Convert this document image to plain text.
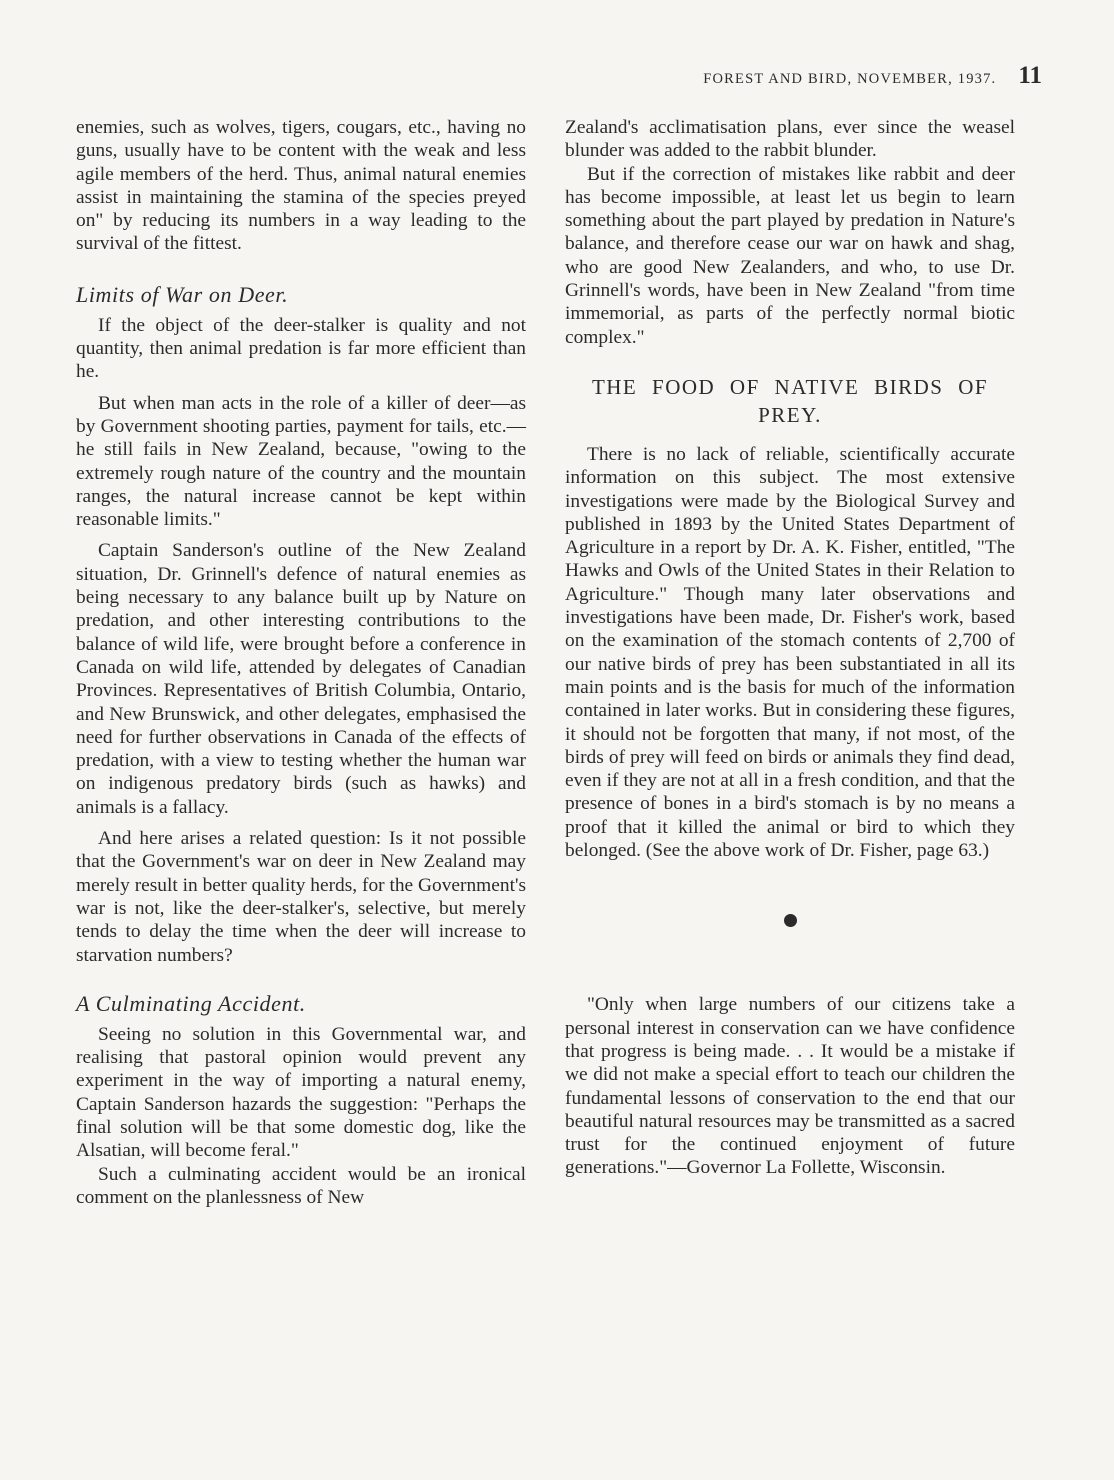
FOREST AND BIRD, NOVEMBER, 1937. 11

enemies, such as wolves, tigers, cougars, etc., having no guns, usually have to be content with the weak and less agile members of the herd. Thus, animal natural enemies assist in maintaining the stamina of the species preyed on" by reducing its numbers in a way leading to the survival of the fittest.

Limits of War on Deer.

If the object of the deer-stalker is quality and not quantity, then animal predation is far more efficient than he.

But when man acts in the role of a killer of deer—as by Government shooting parties, payment for tails, etc.—he still fails in New Zealand, because, "owing to the extremely rough nature of the country and the mountain ranges, the natural increase cannot be kept within reasonable limits."

Captain Sanderson's outline of the New Zealand situation, Dr. Grinnell's defence of natural enemies as being necessary to any balance built up by Nature on predation, and other interesting contributions to the balance of wild life, were brought before a conference in Canada on wild life, attended by delegates of Canadian Provinces. Representatives of British Columbia, Ontario, and New Brunswick, and other delegates, emphasised the need for further observations in Canada of the effects of predation, with a view to testing whether the human war on indigenous predatory birds (such as hawks) and animals is a fallacy.

And here arises a related question: Is it not possible that the Government's war on deer in New Zealand may merely result in better quality herds, for the Government's war is not, like the deer-stalker's, selective, but merely tends to delay the time when the deer will increase to starvation numbers?

A Culminating Accident.

Seeing no solution in this Governmental war, and realising that pastoral opinion would prevent any experiment in the way of importing a natural enemy, Captain Sanderson hazards the suggestion: "Perhaps the final solution will be that some domestic dog, like the Alsatian, will become feral."

Such a culminating accident would be an ironical comment on the planlessness of New

Zealand's acclimatisation plans, ever since the weasel blunder was added to the rabbit blunder.

But if the correction of mistakes like rabbit and deer has become impossible, at least let us begin to learn something about the part played by predation in Nature's balance, and therefore cease our war on hawk and shag, who are good New Zealanders, and who, to use Dr. Grinnell's words, have been in New Zealand "from time immemorial, as parts of the perfectly normal biotic complex."

THE FOOD OF NATIVE BIRDS OF PREY.

There is no lack of reliable, scientifically accurate information on this subject. The most extensive investigations were made by the Biological Survey and published in 1893 by the United States Department of Agriculture in a report by Dr. A. K. Fisher, entitled, "The Hawks and Owls of the United States in their Relation to Agriculture." Though many later observations and investigations have been made, Dr. Fisher's work, based on the examination of the stomach contents of 2,700 of our native birds of prey has been substantiated in all its main points and is the basis for much of the information contained in later works. But in considering these figures, it should not be forgotten that many, if not most, of the birds of prey will feed on birds or animals they find dead, even if they are not at all in a fresh condition, and that the presence of bones in a bird's stomach is by no means a proof that it killed the animal or bird to which they belonged. (See the above work of Dr. Fisher, page 63.)

"Only when large numbers of our citizens take a personal interest in conservation can we have confidence that progress is being made. . . It would be a mistake if we did not make a special effort to teach our children the fundamental lessons of conservation to the end that our beautiful natural resources may be transmitted as a sacred trust for the continued enjoyment of future generations."—Governor La Follette, Wisconsin.
